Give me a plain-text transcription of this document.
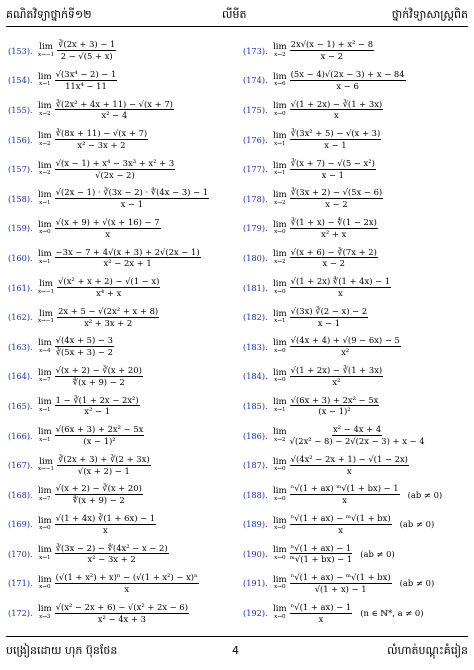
គណិតវិទ្យាថ្នាក់ទី១២	លីមីត	ថ្នាក់វិទ្យាសាស្ត្រពិត
(153). lim
$x\to-1 \frac{∛(2x + 3) - 1}{2 - √(5 + x)}$
(154). lim
$x\to 1 \frac{\text{√(3x⁴ − 2) − 1}}{\text{11x⁴ − 11}}$
(155). lim
$x\to 2 \frac{\text{∛(2x² + 4x + 11) − √(x + 7)}}{\text{x² − 4}}$
(156). lim
$x\to 2 \frac{∛(8x + 11) - √(x + 7)}{\text{x² − 3x + 2}}$
(157). lim
$x\to 2 \frac{\text{√(x − 1) + x⁴ − 3x³ + x² + 3}}{√(2x - 2)}$
(158). lim
$x\to 1 \frac{√(2x - 1) \cdot ∛(3x - 2) \cdot ∜(4x - 3) - 1}{x - 1}$
(159). lim
$x\to 0 \frac{√(x + 9) + √(x + 16) - 7}{x}$
(160). lim
$x\to 1 \frac{-3x - 7 + 4√(x + 3) + 2√(2x - 1)}{\text{x² − 2x + 1}}$
(161). lim
$x\to-1 \frac{\text{√(x² + x + 2) − √(1 − x)}}{\text{x⁴ + x}}$
(162). lim
$x\to-1 \frac{\text{2x + 5 − √(2x² + x + 8)}}{\text{x² + 3x + 2}}$
(163). lim
$x\to 4 \frac{√(4x + 5) - 3}{∛(5x + 3) - 2}$
(164). lim
$x\to 7 \frac{√(x + 2) - ∛(x + 20)}{∜(x + 9) - 2}$
(165). lim
$x\to 1 \frac{\text{1 − ∛(1 + 2x − 2x²)}}{\text{x² − 1}}$
(166). lim
$x\to 1 \frac{\text{√(6x + 3) + 2x² − 5x}}{\text{(x − 1)²}}$
(167). lim
$x\to-1 \frac{∛(2x + 3) + ∛(2 + 3x)}{√(x + 2) - 1}$
(168). lim
$x\to 7 \frac{√(x + 2) - ∛(x + 20)}{∜(x + 9) - 2}$
(169). lim
$x\to 0 \frac{√(1 + 4x) ∛(1 + 6x) - 1}{x}$
(170). lim
$x\to 1 \frac{\text{∛(3x − 2) − ∜(4x² − x − 2)}}{\text{x² − 3x + 2}}$
(171). lim
$x\to 0 \frac{\text{(√(1 + x²) + x)ⁿ − (√(1 + x²) − x)ⁿ}}{x}$
(172). lim
$x\to 3 \frac{\text{√(x² − 2x + 6) − √(x² + 2x − 6)}}{\text{x² − 4x + 3}}$
(173). lim
$x\to 2 \frac{\text{2x√(x − 1) + x² − 8}}{x - 2}$
(174). lim
$x\to 6 \frac{(5x - 4)√(2x - 3) + x - 84}{x - 6}$
(175). lim
$x\to 0 \frac{√(1 + 2x) - ∛(1 + 3x)}{x}$
(176). lim
$x\to 1 \frac{\text{∛(3x² + 5) − √(x + 3)}}{x - 1}$
(177). lim
$x\to 1 \frac{\text{∛(x + 7) − √(5 − x²)}}{x - 1}$
(178). lim
$x\to 2 \frac{∛(3x + 2) - √(5x - 6)}{x - 2}$
(179). lim
$x\to 0 \frac{∛(1 + x) - ∜(1 - 2x)}{\text{x² + x}}$
(180). lim
$x\to 2 \frac{√(x + 6) - ∛(7x + 2)}{x - 2}$
(181). lim
$x\to 0 \frac{√(1 + 2x) ∜(1 + 4x) - 1}{x}$
(182). lim
$x\to 1 \frac{√(3x) ∛(2 - x) - 2}{x - 1}$
(183). lim
$x\to 0 \frac{√(4x + 4) + √(9 - 6x) - 5}{\text{x²}}$
(184). lim
$x\to 0 \frac{√(1 + 2x) - ∛(1 + 3x)}{\text{x²}}$
(185). lim
$x\to 1 \frac{\text{√(6x + 3) + 2x² − 5x}}{\text{(x − 1)²}}$
(186). lim
$x\to 2 \frac{\text{x² − 4x + 4}}{\text{√(2x² − 8) − 2√(2x − 3) + x − 4}}$
(187). lim
$x\to 0 \frac{\text{√(4x² − 2x + 1) − √(1 − 2x)}}{x}$
(188). lim
$x\to 0 \frac{\text{ⁿ√(1 + ax) ᵐ√(1 + bx) − 1}}{x} (ab \ne 0)$
(189). lim
$x\to 0 \frac{\text{ⁿ√(1 + ax) − ᵐ√(1 + bx)}}{x} (ab \ne 0)$
(190). lim
$x\to 0 \frac{\text{ⁿ√(1 + ax) − 1}}{\text{ᵐ√(1 + bx) − 1}} (ab \ne 0)$
(191). lim
$x\to 0 \frac{\text{ⁿ√(1 + ax) − ᵐ√(1 + bx)}}{√(1 + x) - 1} (ab \ne 0)$
(192). lim
$x\to 0 \frac{\text{ⁿ√(1 + ax) − 1}}{x} (n$ ∈ ℕ*, a ≠ 0)
បង្រៀនដោយ ហុក ប៊ុនថែន	4	លំហាត់បណ្តុះគំរៀន
